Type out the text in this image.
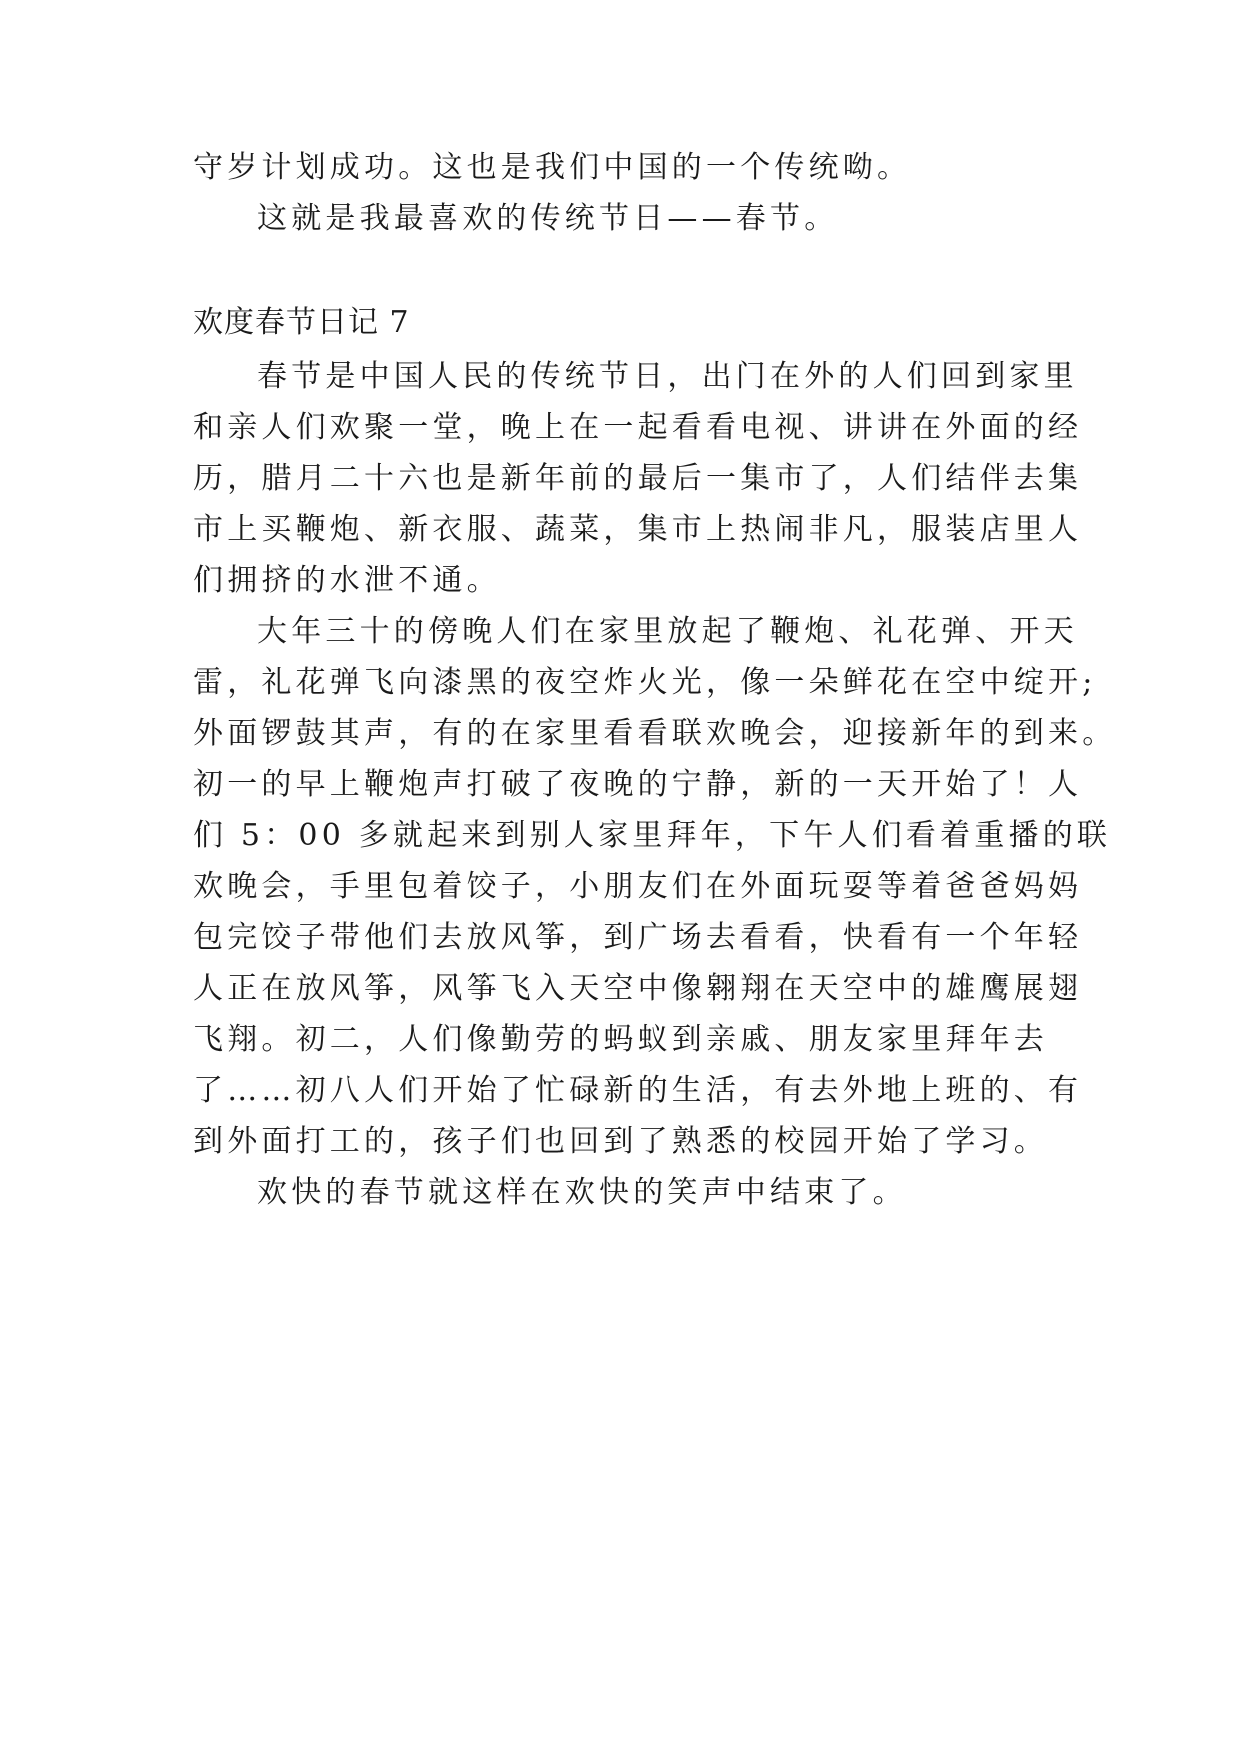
守岁计划成功。这也是我们中国的一个传统呦。
这就是我最喜欢的传统节日——春节。
欢度春节日记 7
春节是中国人民的传统节日，出门在外的人们回到家里
和亲人们欢聚一堂，晚上在一起看看电视、讲讲在外面的经
历，腊月二十六也是新年前的最后一集市了，人们结伴去集
市上买鞭炮、新衣服、蔬菜，集市上热闹非凡，服装店里人
们拥挤的水泄不通。
大年三十的傍晚人们在家里放起了鞭炮、礼花弹、开天
雷，礼花弹飞向漆黑的夜空炸火光，像一朵鲜花在空中绽开;
外面锣鼓其声，有的在家里看看联欢晚会，迎接新年的到来。
初一的早上鞭炮声打破了夜晚的宁静，新的一天开始了！人
们 5：00 多就起来到别人家里拜年，下午人们看着重播的联
欢晚会，手里包着饺子，小朋友们在外面玩耍等着爸爸妈妈
包完饺子带他们去放风筝，到广场去看看，快看有一个年轻
人正在放风筝，风筝飞入天空中像翱翔在天空中的雄鹰展翅
飞翔。初二，人们像勤劳的蚂蚁到亲戚、朋友家里拜年去
了……初八人们开始了忙碌新的生活，有去外地上班的、有
到外面打工的，孩子们也回到了熟悉的校园开始了学习。
欢快的春节就这样在欢快的笑声中结束了。
